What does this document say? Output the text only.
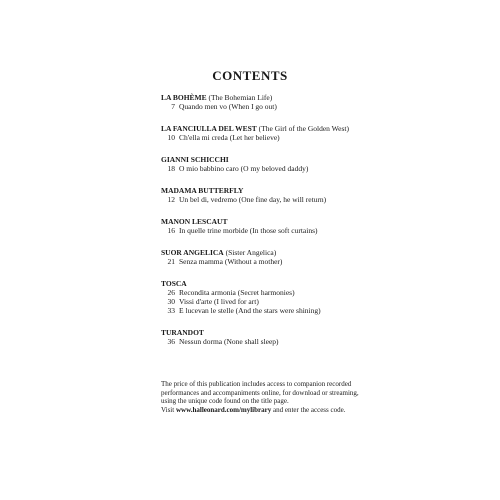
CONTENTS
LA BOHÈME (The Bohemian Life)
7 Quando men vo (When I go out)
LA FANCIULLA DEL WEST (The Girl of the Golden West)
10 Ch'ella mi creda (Let her believe)
GIANNI SCHICCHI
18 O mio babbino caro (O my beloved daddy)
MADAMA BUTTERFLY
12 Un bel di, vedremo (One fine day, he will return)
MANON LESCAUT
16 In quelle trine morbide (In those soft curtains)
SUOR ANGELICA (Sister Angelica)
21 Senza mamma (Without a mother)
TOSCA
26 Recondita armonia (Secret harmonies)
30 Vissi d'arte (I lived for art)
33 E lucevan le stelle (And the stars were shining)
TURANDOT
36 Nessun dorma (None shall sleep)
The price of this publication includes access to companion recorded
performances and accompaniments online, for download or streaming,
using the unique code found on the title page.
Visit www.halleonard.com/mylibrary and enter the access code.
